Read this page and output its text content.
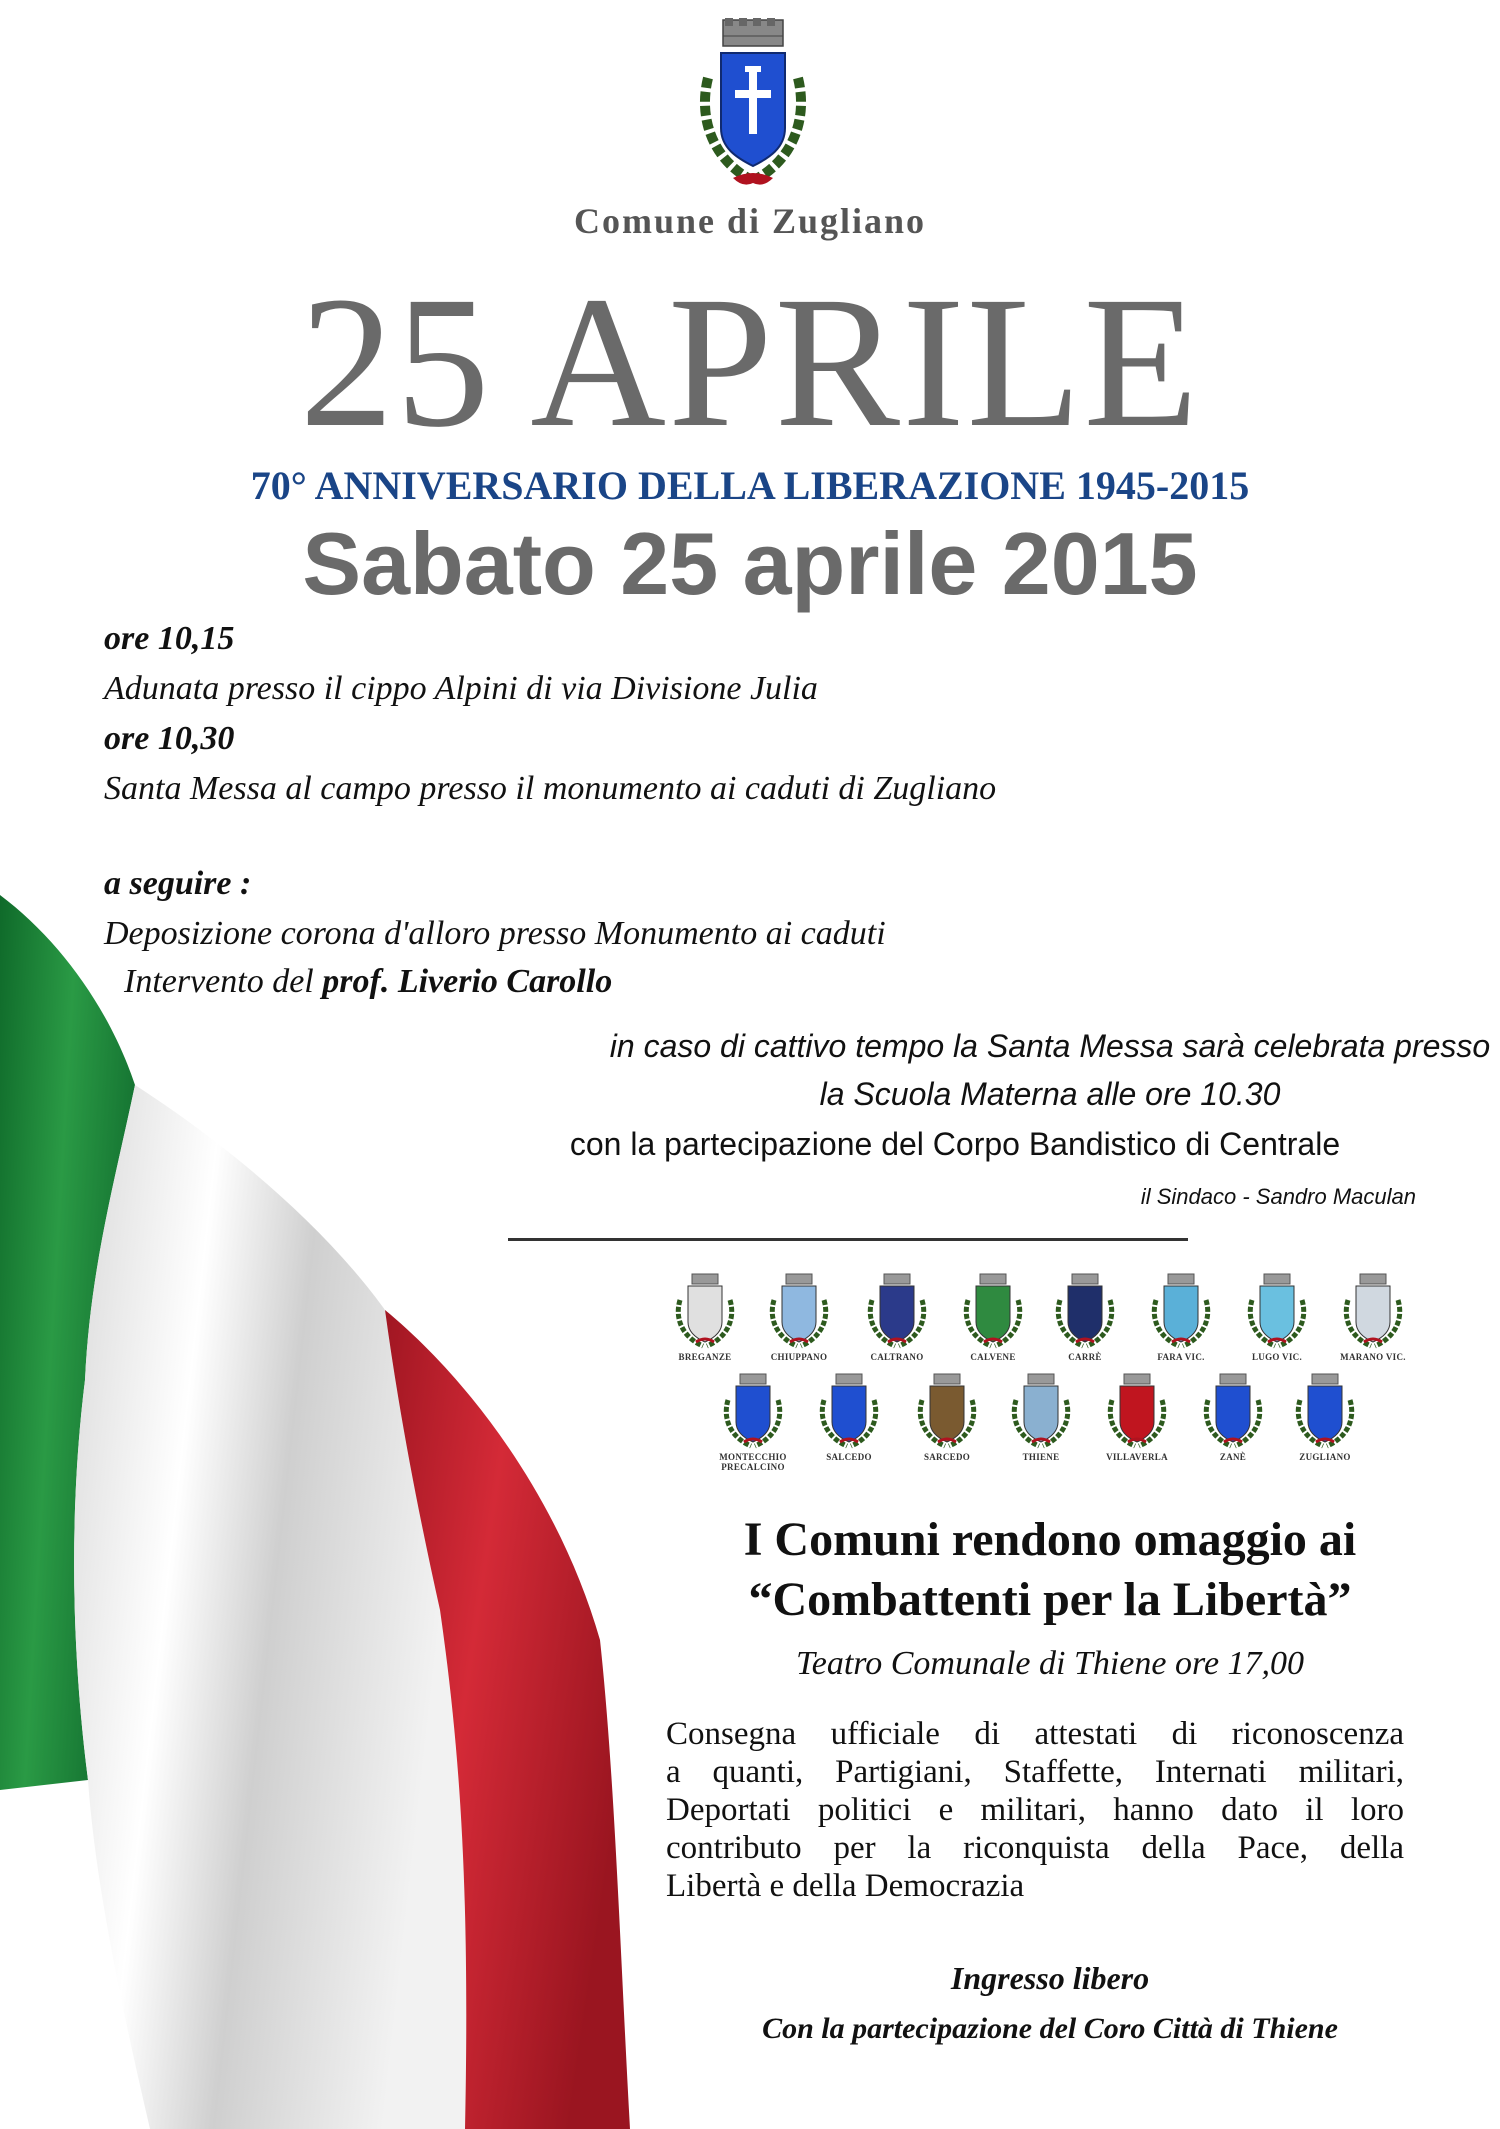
Comune di Zugliano
25 APRILE
70° ANNIVERSARIO DELLA LIBERAZIONE 1945-2015
Sabato 25 aprile 2015
ore 10,15
Adunata presso il cippo Alpini di via Divisione Julia
ore 10,30
Santa Messa al campo presso il monumento ai caduti di Zugliano
a seguire :
Deposizione corona d'alloro presso Monumento ai caduti
Intervento del prof. Liverio Carollo
in caso di cattivo tempo la Santa Messa sarà celebrata presso
la Scuola Materna alle ore 10.30
con la partecipazione del Corpo Bandistico di Centrale
il Sindaco - Sandro Maculan
I Comuni rendono omaggio ai
“Combattenti per la Libertà”
Teatro Comunale di Thiene ore 17,00
Consegna ufficiale di attestati di riconoscenza
a quanti, Partigiani, Staffette, Internati militari,
Deportati politici e militari, hanno dato il loro
contributo per la riconquista della Pace, della
Libertà e della Democrazia
Ingresso libero
Con la partecipazione del Coro Città di Thiene
BREGANZE	CHIUPPANO	CALTRANO	CALVENE	CARRÈ	FARA VIC.	LUGO VIC.	MARANO VIC.
MONTECCHIO PRECALCINO
SALCEDO	SARCEDO	THIENE	VILLAVERLA	ZANÈ	ZUGLIANO
